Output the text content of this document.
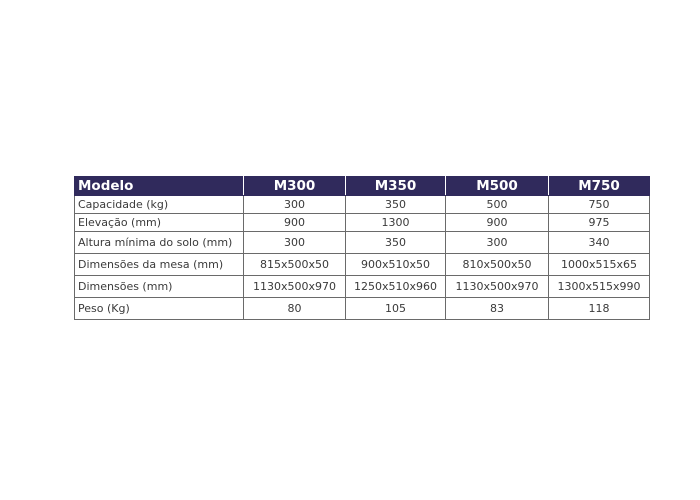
Modelo	M300	M350	M500	M750
Capacidade (kg)	300	350	500	750
Elevação (mm)	900	1300	900	975
Altura mínima do solo (mm)	300	350	300	340
Dimensões da mesa (mm)	815x500x50	900x510x50	810x500x50	1000x515x65
Dimensões (mm)	1130x500x970	1250x510x960	1130x500x970	1300x515x990
Peso (Kg)	80	105	83	118
